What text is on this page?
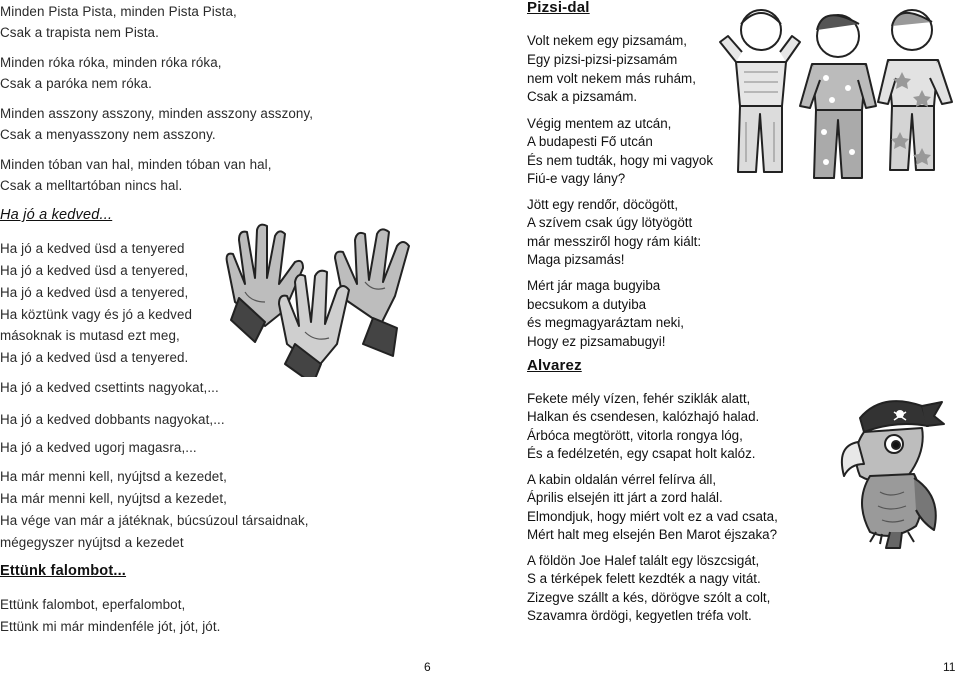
Minden Pista Pista, minden Pista Pista,
Csak a trapista nem Pista.
Minden róka róka, minden róka róka,
Csak a paróka nem róka.
Minden asszony asszony, minden asszony asszony,
Csak a menyasszony nem asszony.
Minden tóban van hal, minden tóban van hal,
Csak a melltartóban nincs hal.
Ha jó a kedved...
Ha jó a kedved üsd a tenyered
Ha jó a kedved üsd a tenyered,
Ha jó a kedved üsd a tenyered,
Ha köztünk vagy és jó a kedved
másoknak is mutasd ezt meg,
Ha jó a kedved üsd a tenyered.
Ha jó a kedved csettints nagyokat,...
Ha jó a kedved dobbants nagyokat,...
Ha jó a kedved ugorj magasra,...
Ha már menni kell, nyújtsd a kezedet,
Ha már menni kell, nyújtsd a kezedet,
Ha vége van már a játéknak, búcsúzoul társaidnak,
mégegyszer nyújtsd a kezedet
Ettünk falombot...
Ettünk falombot, eperfalombot,
Ettünk mi már mindenféle jót, jót, jót.
Pizsi-dal
Volt nekem egy pizsamám,
Egy pizsi-pizsi-pizsamám
nem volt nekem más ruhám,
Csak a pizsamám.
Végig mentem az utcán,
A budapesti Fő utcán
És nem tudták, hogy mi vagyok
Fiú-e vagy lány?
Jött egy rendőr, döcögött,
A szívem csak úgy lötyögött
már messziről hogy rám kiált:
Maga pizsamás!
Mért jár maga bugyiba
becsukom a dutyiba
és megmagyaráztam neki,
Hogy ez pizsamabugyi!
Alvarez
Fekete mély vízen, fehér sziklák alatt,
Halkan és csendesen, kalózhajó halad.
Árbóca megtörött, vitorla rongya lóg,
És a fedélzetén, egy csapat holt kalóz.
A kabin oldalán vérrel felírva áll,
Április elsején itt járt a zord halál.
Elmondjuk, hogy miért volt ez a vad csata,
Mért halt meg elsején Ben Marot éjszaka?
A földön Joe Halef talált egy löszcsigát,
S a térképek felett kezdték a nagy vitát.
Zizegve szállt a kés, dörögve szólt a colt,
Szavamra ördögi, kegyetlen tréfa volt.
6	11
